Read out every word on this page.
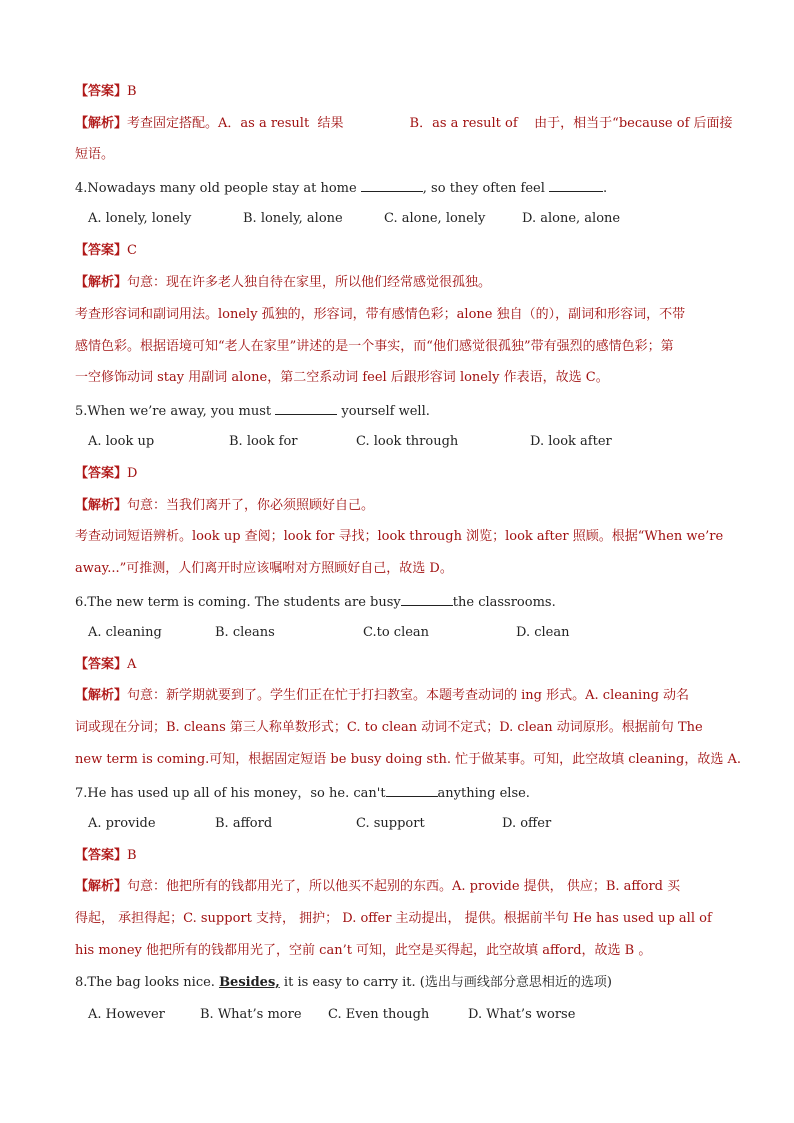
【答案】B
【解析】考查固定搭配。A．as a result  结果                B．as a result of    由于，相当于“because of 后面接
短语。
4.Nowadays many old people stay at home	, so they often feel	.
A. lonely, lonely	B. lonely, alone	C. alone, lonely	D. alone, alone
【答案】C
【解析】句意：现在许多老人独自待在家里，所以他们经常感觉很孤独。
考查形容词和副词用法。lonely 孤独的，形容词，带有感情色彩；alone 独自（的），副词和形容词，不带
感情色彩。根据语境可知“老人在家里”讲述的是一个事实，而“他们感觉很孤独”带有强烈的感情色彩；第
一空修饰动词 stay 用副词 alone，第二空系动词 feel 后跟形容词 lonely 作表语，故选 C。
5.When we’re away, you must	yourself well.
A. look up	B. look for	C. look through	D. look after
【答案】D
【解析】句意：当我们离开了，你必须照顾好自己。
考查动词短语辨析。look up 查阅；look for 寻找；look through 浏览；look after 照顾。根据“When we’re
away...”可推测，人们离开时应该嘱咐对方照顾好自己，故选 D。
6.The new term is coming. The students are busy	the classrooms.
A. cleaning	B. cleans	C.to clean	D. clean
【答案】A
【解析】句意：新学期就要到了。学生们正在忙于打扫教室。本题考查动词的 ing 形式。A. cleaning 动名
词或现在分词；B. cleans 第三人称单数形式；C. to clean 动词不定式；D. clean 动词原形。根据前句 The
new term is coming.可知，根据固定短语 be busy doing sth. 忙于做某事。可知，此空故填 cleaning，故选 A.
7.He has used up all of his money，so he. can't	anything else.
A. provide	B. afford	C. support	D. offer
【答案】B
【解析】句意：他把所有的钱都用光了，所以他买不起别的东西。A. provide 提供， 供应；B. afford 买
得起， 承担得起；C. support 支持， 拥护； D. offer 主动提出， 提供。根据前半句 He has used up all of
his money 他把所有的钱都用光了，空前 can’t 可知，此空是买得起，此空故填 afford，故选 B 。
8.The bag looks nice. Besides, it is easy to carry it. (选出与画线部分意思相近的选项)
A. However	B. What’s more C. Even though	D. What’s worse
